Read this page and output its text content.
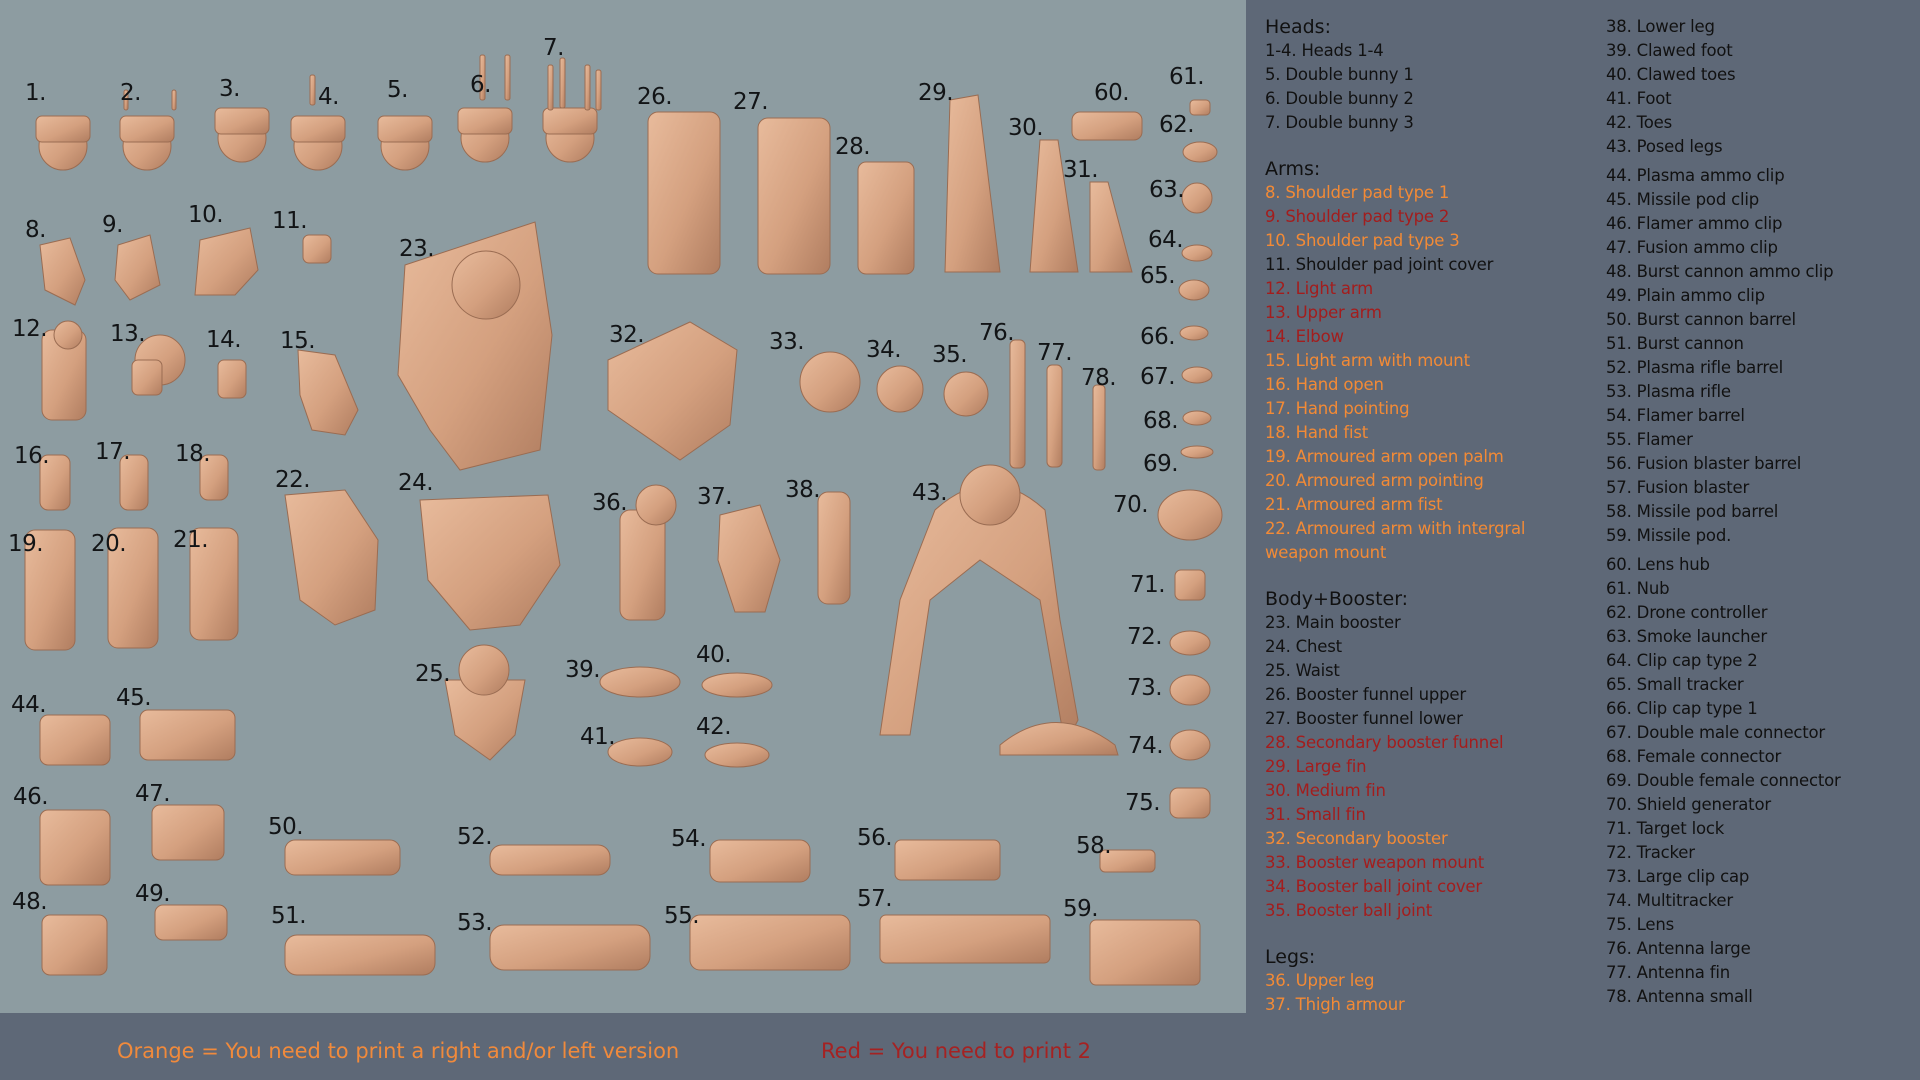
1.	2.	3.	4. 5.	6.
7.
8. 9.	10. 11.
12.	13.	14. 15.
16. 17. 18.
19. 20. 21.
22.
23.
24.
25.
26.	27.
28.
29.
30.
31.
32.	33.	34. 35.
36.	37. 38.
39.
40.
41.	42.
43.
44.	45.
46.	47.
48.	49.
50.
51.
52.
53.
54.
55.
56.
57.
58.
59.
60.
61.
62.
63.
64.
65.
66.
67.
68.
69.
70.
71.
72.
73.
74.
75.
76.
77.
78.
Orange = You need to print a right and/or left version	Red = You need to print 2
Heads:
1-4. Heads 1-4
5. Double bunny 1
6. Double bunny 2
7. Double bunny 3
Arms:
8. Shoulder pad type 1
9. Shoulder pad type 2
10. Shoulder pad type 3
11. Shoulder pad joint cover
12. Light arm
13. Upper arm
14. Elbow
15. Light arm with mount
16. Hand open
17. Hand pointing
18. Hand fist
19. Armoured arm open palm
20. Armoured arm pointing
21. Armoured arm fist
22. Armoured arm with intergral weapon mount
Body+Booster:
23. Main booster
24. Chest
25. Waist
26. Booster funnel upper
27. Booster funnel lower
28. Secondary booster funnel
29. Large fin
30. Medium fin
31. Small fin
32. Secondary booster
33. Booster weapon mount
34. Booster ball joint cover
35. Booster ball joint
Legs:
36. Upper leg
37. Thigh armour
38. Lower leg
39. Clawed foot
40. Clawed toes
41. Foot
42. Toes
43. Posed legs
44. Plasma ammo clip
45. Missile pod clip
46. Flamer ammo clip
47. Fusion ammo clip
48. Burst cannon ammo clip
49. Plain ammo clip
50. Burst cannon barrel
51. Burst cannon
52. Plasma rifle barrel
53. Plasma rifle
54. Flamer barrel
55. Flamer
56. Fusion blaster barrel
57. Fusion blaster
58. Missile pod barrel
59. Missile pod.
60. Lens hub
61. Nub
62. Drone controller
63. Smoke launcher
64. Clip cap type 2
65. Small tracker
66. Clip cap type 1
67. Double male connector
68. Female connector
69. Double female connector
70. Shield generator
71. Target lock
72. Tracker
73. Large clip cap
74. Multitracker
75. Lens
76. Antenna large
77. Antenna fin
78. Antenna small
